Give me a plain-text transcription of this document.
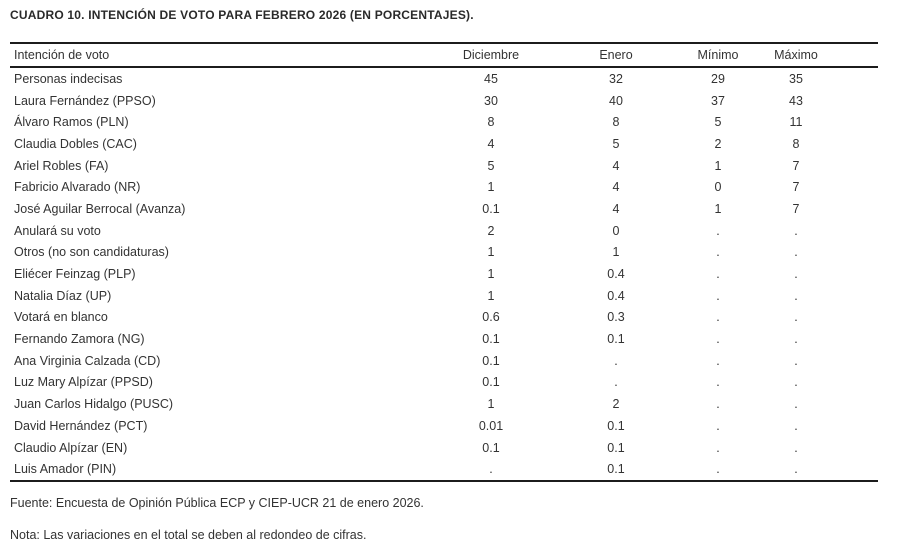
CUADRO 10. INTENCIÓN DE VOTO PARA FEBRERO 2026 (EN PORCENTAJES).
Intención de voto	Diciembre	Enero	Mínimo	Máximo	
Personas indecisas	45	32	29	35	
Laura Fernández (PPSO)	30	40	37	43	
Álvaro Ramos (PLN)	8	8	5	11	
Claudia Dobles (CAC)	4	5	2	8	
Ariel Robles (FA)	5	4	1	7	
Fabricio Alvarado (NR)	1	4	0	7	
José Aguilar Berrocal (Avanza)	0.1	4	1	7	
Anulará su voto	2	0	.	.	
Otros (no son candidaturas)	1	1	.	.	
Eliécer Feinzag (PLP)	1	0.4	.	.	
Natalia Díaz (UP)	1	0.4	.	.	
Votará en blanco	0.6	0.3	.	.	
Fernando Zamora (NG)	0.1	0.1	.	.	
Ana Virginia Calzada (CD)	0.1	.	.	.	
Luz Mary Alpízar (PPSD)	0.1	.	.	.	
Juan Carlos Hidalgo (PUSC)	1	2	.	.	
David Hernández (PCT)	0.01	0.1	.	.	
Claudio Alpízar (EN)	0.1	0.1	.	.	
Luis Amador (PIN)	.	0.1	.	.	

Fuente: Encuesta de Opinión Pública ECP y CIEP-UCR 21 de enero 2026.

Nota: Las variaciones en el total se deben al redondeo de cifras.
